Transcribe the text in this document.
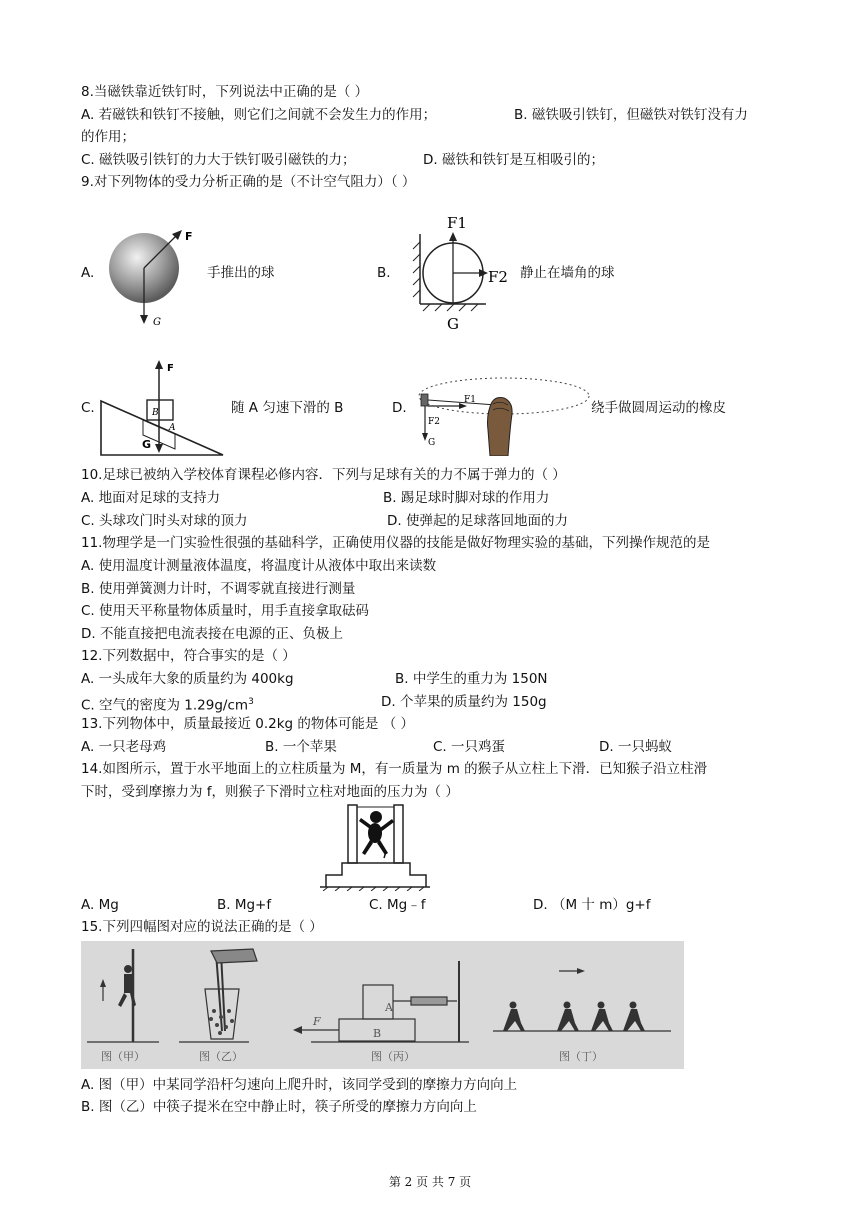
8.当磁铁靠近铁钉时，下列说法中正确的是（ ）
A. 若磁铁和铁钉不接触，则它们之间就不会发生力的作用；	B. 磁铁吸引铁钉，但磁铁对铁钉没有力
的作用；
C. 磁铁吸引铁钉的力大于铁钉吸引磁铁的力；	D. 磁铁和铁钉是互相吸引的；
9.对下列物体的受力分析正确的是（不计空气阻力）（ ）
A.
F
G
手推出的球	B.
F1
F2
G
静止在墙角的球
C.
F
G
B
A
随 A 匀速下滑的 B	D.	F1
F2
G
绕手做圆周运动的橡皮
10.足球已被纳入学校体育课程必修内容．下列与足球有关的力不属于弹力的（ ）
A. 地面对足球的支持力	B. 踢足球时脚对球的作用力
C. 头球攻门时头对球的顶力	D. 使弹起的足球落回地面的力
11.物理学是一门实验性很强的基础科学，正确使用仪器的技能是做好物理实验的基础，下列操作规范的是
A. 使用温度计测量液体温度，将温度计从液体中取出来读数
B. 使用弹簧测力计时，不调零就直接进行测量
C. 使用天平称量物体质量时，用手直接拿取砝码
D. 不能直接把电流表接在电源的正、负极上
12.下列数据中，符合事实的是（ ）
A. 一头成年大象的质量约为 400kg	B. 中学生的重力为 150N
C. 空气的密度为 $1.29g/cm^3$	D. 个苹果的质量约为 150g
13.下列物体中，质量最接近 0.2kg 的物体可能是 （ ）
A. 一只老母鸡	B. 一个苹果	C. 一只鸡蛋	D. 一只蚂蚁
14.如图所示，置于水平地面上的立柱质量为 M，有一质量为 m 的猴子从立柱上下滑．已知猴子沿立柱滑
下时，受到摩擦力为 f，则猴子下滑时立柱对地面的压力为（ ）
A. Mg	B. Mg+f	C. Mg﹣f	D. （M 十 m）g+f
15.下列四幅图对应的说法正确的是（ ）
A
B
F
图（甲）	图（乙）	图（丙）	图（丁）
A. 图（甲）中某同学沿杆匀速向上爬升时，该同学受到的摩擦力方向向上
B. 图（乙）中筷子提米在空中静止时，筷子所受的摩擦力方向向上
第 2 页 共 7 页
